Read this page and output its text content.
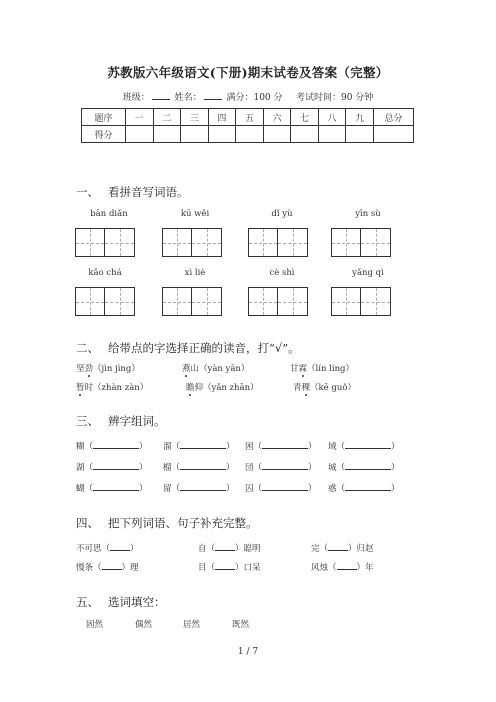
苏教版六年级语文(下册)期末试卷及答案（完整）
班级：	姓名：	满分：100 分 考试时间：90 分钟
题序	一	二	三	四	五	六	七	八	九	总分
得分										
一、 看拼音写词语。
bān diǎn	kū wěi	dǐ yù	yīn sù
kǎo chá	xì liè	cè shì	yǎng qì
二、 给带点的字选择正确的读音，打“√”。
坚劲（jìn jìng）	燕山（yàn yān）	甘霖（lín líng）
暂时（zhàn zàn）	瞻仰（yǎn zhān）	青稞（kē guǒ）
三、 辨字组词。
糊（	） 溜（	） 困（	） 域（	）
湖（	） 榴（	） 団（	） 城（	）
蝴（	） 留（	） 囚（	） 惑（	）
四、 把下列词语、句子补充完整。
不可思（ ）	自（ ）聪明	完（ ）归赵
慢条（ ）理	目（ ）口呆	风烛（ ）年
五、 选词填空：
固然	偶然	居然	既然
1 / 7
